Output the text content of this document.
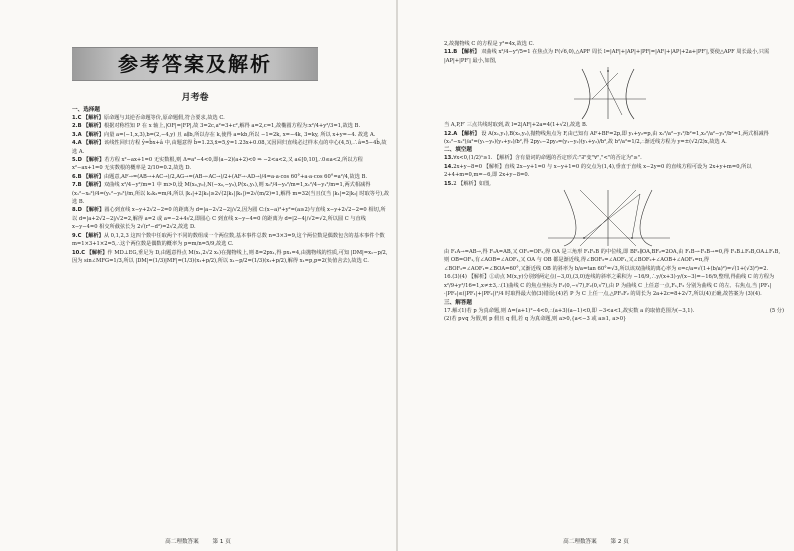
参考答案及解析
月考卷
一、选择题

1.C 【解析】原命题与其逆否命题等价,原命题假,符合要求,故选 C.

2.B 【解析】根据对称性知 P 在 x 轴上,|OF|=|FP|,故 3=2c,a²=3+c²,解得 a=2,c=1,故椭圆方程为:x²/4+y²/3=1,故选 B.

3.A 【解析】向量 a=(−1,x,3),b=(2,−4,y) 且 a∥b,所以存在 k,使得 a=kb,所以 −1=2k, x=−4k, 3=ky, 所以 x+y=−4. 故选 A.

4.A 【解析】该线性回归方程 ŷ=b̂x+â 中,由题意得 b̂=1.23,x̄=5,ȳ=1.23x+0.08,又因回归直线必过样本点的中心(4,5),∴â=5−4b̂,故选 A.

5.D 【解析】若方程 x²−ax+1=0 无实数根,则 Δ=a²−4<0,即(a−2)(a+2)<0 ⇒ −2<a<2,又 a∈[0,10],∴0≤a<2,所以方程 x²−ax+1=0 无实数根的概率是 2/10=0.2,故选 D.

6.B 【解析】由题意,AF→=(AB→+AC→)/2,AG→=(AB→·AC→)/2+(AF→·AD→)/4=a·a·cos 60°+a·a·cos 60°=a²/4,故选 B.

7.B 【解析】双曲线 x²/4−y²/m=1 中 m>0,设 M(x₀,y₀),N(−x₀,−y₀),P(x₁,y₁),则 x₀²/4−y₀²/m=1,x₁²/4−y₁²/m=1,两式相减得 (x₁²−x₀²)/4=(y₁²−y₀²)/m,所以 k₁k₂=m/4,所以 |k₁|+2|k₂|≥2√(2|k₁||k₂|)=2√(m/2)=1,解得 m=32(当且仅当 |k₁|=2|k₂| 时取等号),故选 B.

8.D 【解析】圆心到直线 x−y+2√2−2=0 的距离为 d=|a−2√2−2|/√2,因为圆 C:(x−a)²+y²=(a≥2)与直线 x−y+2√2−2=0 相切,所以 d=|a+2√2−2|/√2=2,解得 a=2 或 a=−2+4√2,即圆心 C 到直线 x−y−4=0 的距离为 d=|2−4|/√2=√2,所以圆 C 与直线 x−y−4=0 相交所截弦长为 2√(r²−d²)=2√2,故选 D.

9.C 【解析】从 0,1,2,3 这四个数中任取两个不同的数组成一个两位数,基本事件总数 n=3×3=9,这个两位数是偶数包含的基本事件个数 m=1×3+1×2=5,∴这个两位数是偶数的概率为 p=m/n=5/9,故选 C.

10.C 【解析】作 MD⊥EG,垂足为 D,由题意得点 M(x₁,2√2 x₁)在抛物线上,则 8=2px₁,得 px₁=4,由抛物线的性质,可知 |DM|=x₁−p/2,因为 sin∠MFG=1/3,所以 |DM|=(1/3)|MF|=(1/3)(x₁+p/2),所以 x₁−p/2=(1/3)(x₁+p/2),解得 x₁=p,p=2(负值舍去),故选 C.

高二理数答案 第 1 页

2,故抛物线 C 的方程是 y²=4x,故选 C.

11.B 【解析】 双曲线 x²/4−y²/5=1 在焦点为 F(√6,0),△APF 周长 l=|AF|+|AP|+|PF|=|AF|+|AP|+2a+|PF′|,要使△APF 周长最小,只需 |AP|+|PF′| 最小,如图,

当 A,P,F′ 三点共线时取到,故 l=2|AF|+2a=4(1+√2),故选 B.

12.A 【解析】 设 A(x₁,y₁),B(x₂,y₂),抛物线焦点为 F,由已知有 AF+BF=2p,即 y₁+y₂=p,由 x₁²/a²−y₁²/b²=1,x₂²/a²−y₂²/b²=1,两式相减得 (x₁²−x₂²)/a²=(y₁−y₂)(y₁+y₂)/b²,得 2py₁−2py₂=(y₁−y₂)(y₁+y₂)/b²,故 b²/a²=1/2,∴渐近线方程为 y=±(√2/2)x,故选 A.

二、填空题

13.∀x<0,(1/2)ˣ≥1. 【解析】含有量词的命题的否定形式:"∃"变"∀","<"的否定为"≥".

14.2x+y−8=0 【解析】直线 2x−y+1=0 与 x−y+1=0 的交点为(1,4),垂直于直线 x−2y=0 的直线方程可设为 2x+y+m=0,所以 2+4+m=0,m=−6,即 2x+y−8=0.

15.2 【解析】如图,

由 F₁A→=AB→,得 F₁A=AB,又 OF₁=OF₂,得 OA 是三角形 F₁F₂B 的中位线,即 BF₂∥OA,BF₂=2OA,由 F₁B→·F₂B→=0,得 F₁B⊥F₂B,OA⊥F₁B,则 OB=OF₁,有∠AOB=∠AOF₁,又 OA 与 OB 都是渐近线,得∠BOF₂=∠AOF₁,又∠BOF₂+∠AOB+∠AOF₁=π,得∠BOF₂=∠AOF₁=∠BOA=60°,又渐近线 OB 的斜率为 b/a=tan 60°=√3,所以该双曲线的离心率为 e=c/a=√(1+(b/a)²)=√(1+(√3)²)=2.

16.(3)(4) 【解析】①动点 M(x,y)分别到两定点(−3,0),(3,0)连线的斜率之乘积为 −16/9,∴y/(x+3)·y/(x−3)=−16/9,整理,得曲线 C 的方程为 x²/9+y²/16=1,x≠±3,∴(1)曲线 C 的焦点坐标为 F₁(0,−√7),F₂(0,√7),由 P 为曲线 C 上任意一点,F₁,F₂ 分别为曲线 C 的左、右焦点,当 |PF₁|·|PF₂|≤(|PF₁|+|PF₂|)²/4 时取得最大值(3)错误;(4)若 P 为 C 上任一点,△PF₁F₂ 的周长为 2a+2c=8+2√7,所以(4)正确,故答案为 (3)(4).

三、解答题

17.解:(1)若 p 为真命题,则 Δ=(a+1)²−4<0,∴(a+3)(a−1)<0,即 −3<a<1,故实数 a 的取值范围为(−3,1).	(5 分)

(2)若 p∨q 为假,则 p 假且 q 假,若 q 为真命题,则 a>0,{a<−3 或 a≥1, a>0}

高二理数答案 第 2 页
